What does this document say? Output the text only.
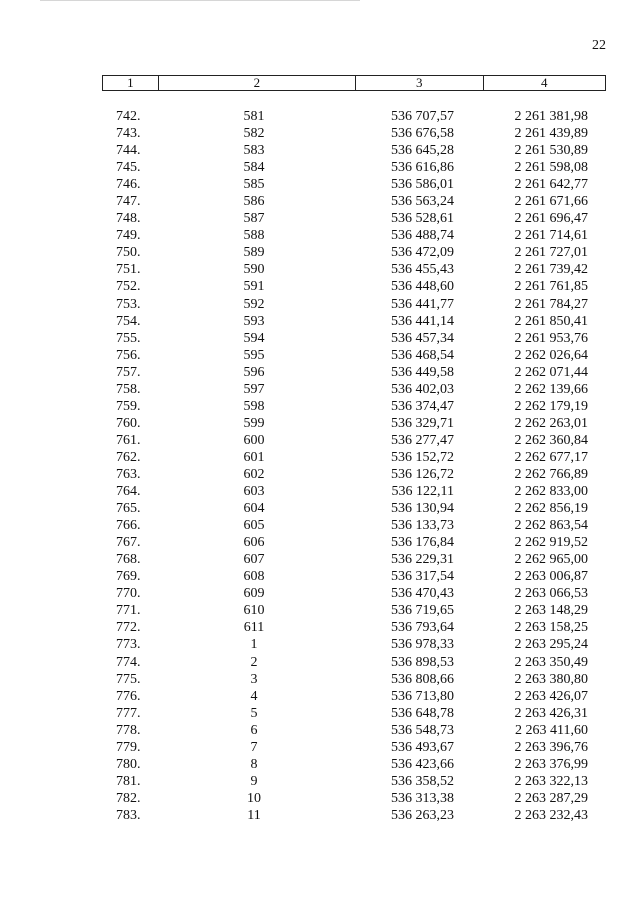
22
1	2	3	4
742.	581	536 707,57	2 261 381,98
743.	582	536 676,58	2 261 439,89
744.	583	536 645,28	2 261 530,89
745.	584	536 616,86	2 261 598,08
746.	585	536 586,01	2 261 642,77
747.	586	536 563,24	2 261 671,66
748.	587	536 528,61	2 261 696,47
749.	588	536 488,74	2 261 714,61
750.	589	536 472,09	2 261 727,01
751.	590	536 455,43	2 261 739,42
752.	591	536 448,60	2 261 761,85
753.	592	536 441,77	2 261 784,27
754.	593	536 441,14	2 261 850,41
755.	594	536 457,34	2 261 953,76
756.	595	536 468,54	2 262 026,64
757.	596	536 449,58	2 262 071,44
758.	597	536 402,03	2 262 139,66
759.	598	536 374,47	2 262 179,19
760.	599	536 329,71	2 262 263,01
761.	600	536 277,47	2 262 360,84
762.	601	536 152,72	2 262 677,17
763.	602	536 126,72	2 262 766,89
764.	603	536 122,11	2 262 833,00
765.	604	536 130,94	2 262 856,19
766.	605	536 133,73	2 262 863,54
767.	606	536 176,84	2 262 919,52
768.	607	536 229,31	2 262 965,00
769.	608	536 317,54	2 263 006,87
770.	609	536 470,43	2 263 066,53
771.	610	536 719,65	2 263 148,29
772.	611	536 793,64	2 263 158,25
773.	1	536 978,33	2 263 295,24
774.	2	536 898,53	2 263 350,49
775.	3	536 808,66	2 263 380,80
776.	4	536 713,80	2 263 426,07
777.	5	536 648,78	2 263 426,31
778.	6	536 548,73	2 263 411,60
779.	7	536 493,67	2 263 396,76
780.	8	536 423,66	2 263 376,99
781.	9	536 358,52	2 263 322,13
782.	10	536 313,38	2 263 287,29
783.	11	536 263,23	2 263 232,43
